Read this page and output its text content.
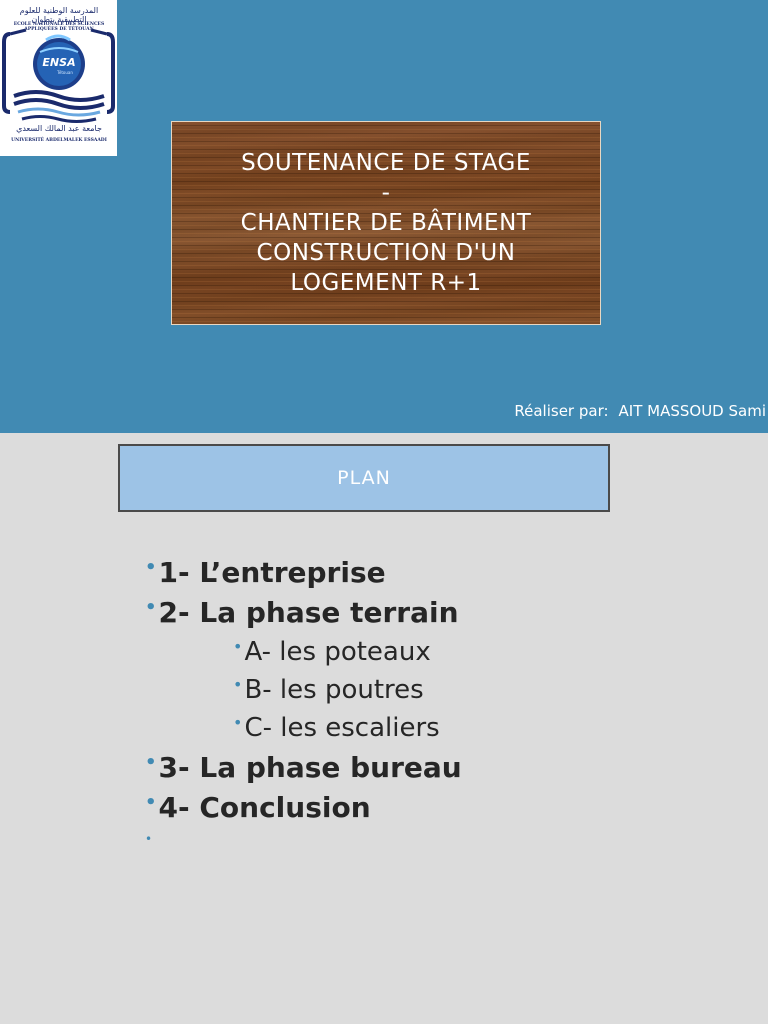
المدرسة الوطنية للعلوم التطبيقية بتطوان
ECOLE NATIONALE DES SCIENCES APPLIQUÉES DE TÉTOUAN
ENSA
Tétouan
جامعة عبد المالك السعدي
UNIVERSITÉ ABDELMALEK ESSAADI
SOUTENANCE DE STAGE
-
CHANTIER DE BÂTIMENT
CONSTRUCTION D'UN
LOGEMENT R+1
Réaliser par: AIT MASSOUD Sami
PLAN
•1- L’entreprise
•2- La phase terrain
•A- les poteaux
•B- les poutres
•C- les escaliers
•3- La phase bureau
•4- Conclusion
•
